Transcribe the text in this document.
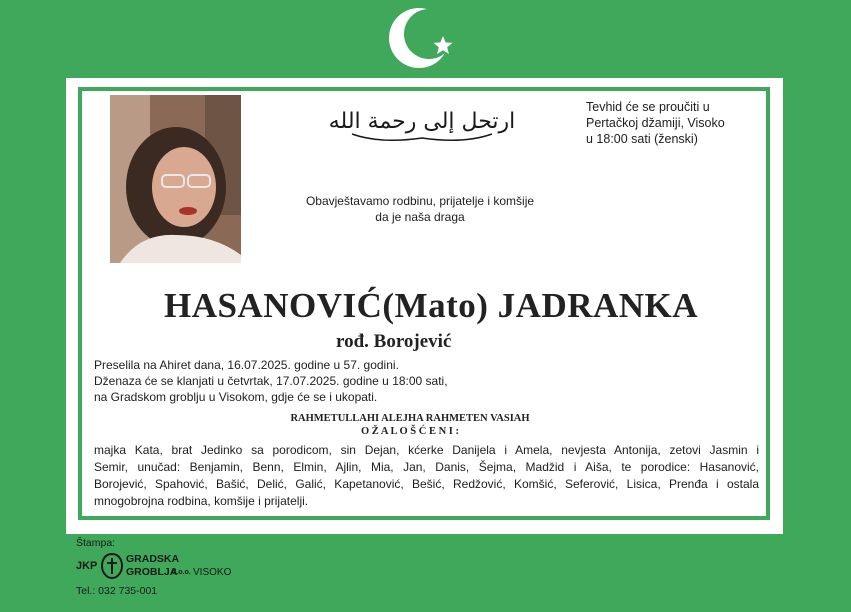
ارتحل إلى رحمة الله
Tevhid će se proučiti u
Pertačkoj džamiji, Visoko
u 18:00 sati (ženski)
Obavještavamo rodbinu, prijatelje i komšije
da je naša draga
HASANOVIĆ(Mato) JADRANKA
rođ. Borojević
Preselila na Ahiret dana, 16.07.2025. godine u 57. godini.
Dženaza će se klanjati u četvrtak, 17.07.2025. godine u 18:00 sati,
na Gradskom groblju u Visokom, gdje će se i ukopati.
RAHMETULLAHI ALEJHA RAHMETEN VASIAH
O Ž A L O Š Ć E N I :
majka Kata, brat Jedinko sa porodicom, sin Dejan, kćerke Danijela i Amela, nevjesta Antonija, zetovi Jasmin i
Semir, unučad: Benjamin, Benn, Elmin, Ajlin, Mia, Jan, Danis, Šejma, Madžid i Aiša, te porodice: Hasanović,
Borojević, Spahović, Bašić, Delić, Galić, Kapetanović, Bešić, Redžović, Komšić, Seferović, Lisica, Prenđa i ostala
mnogobrojna rodbina, komšije i prijatelji.
Štampa:
JKP
GRADSKA
GROBLJA
d.o.o. VISOKO
Tel.: 032 735-001
